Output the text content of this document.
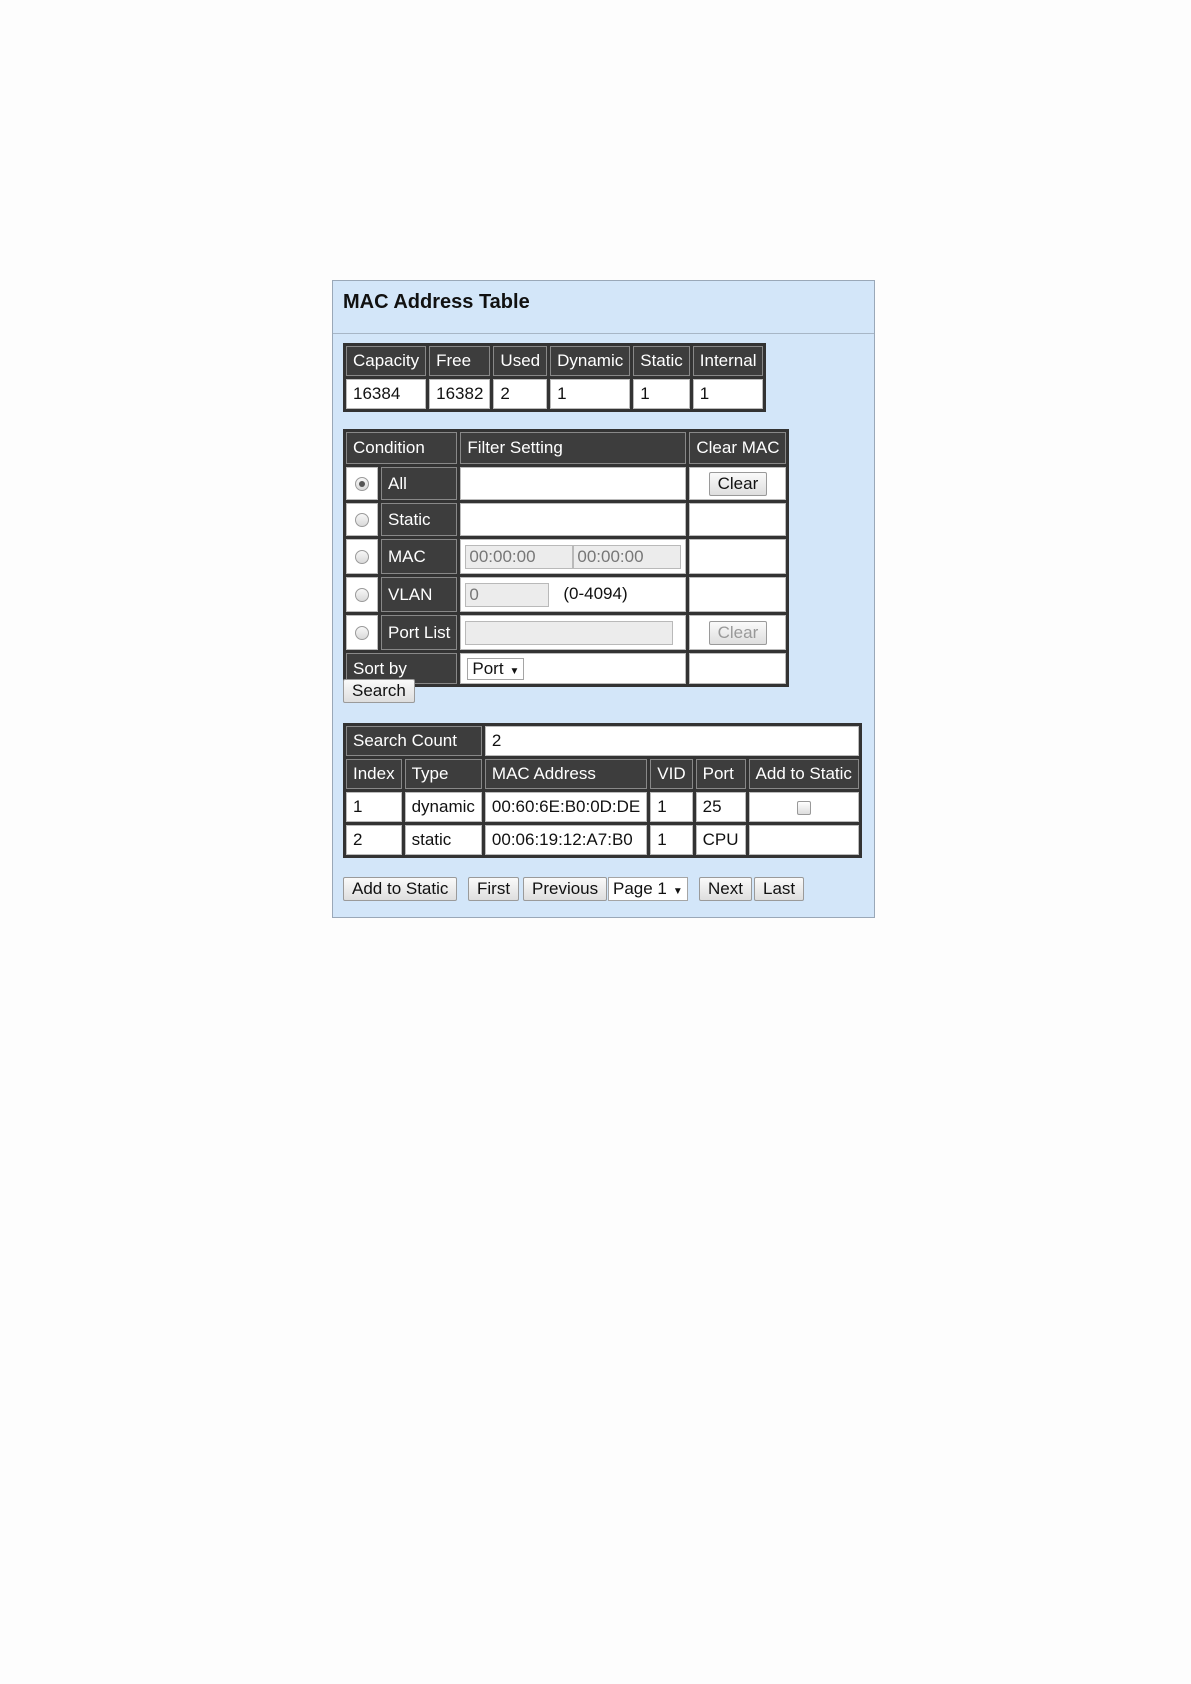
MAC Address Table
Capacity	Free	Used	Dynamic	Static	Internal
16384	16382	2	1	1	1
Condition		Filter Setting	Clear MAC
	All		Clear
	Static		
	MAC	00:00:00 00:00:00	
	VLAN	0 (0-4094)	
	Port List		Clear
Sort by		Port ▼	
Search
Search Count		2			
Index	Type	MAC Address	VID	Port	Add to Static
1	dynamic	00:60:6E:B0:0D:DE	1	25	
2	static	00:06:19:12:A7:B0	1	CPU	
Add to Static	First	Previous Page 1 ▼	Next	Last
